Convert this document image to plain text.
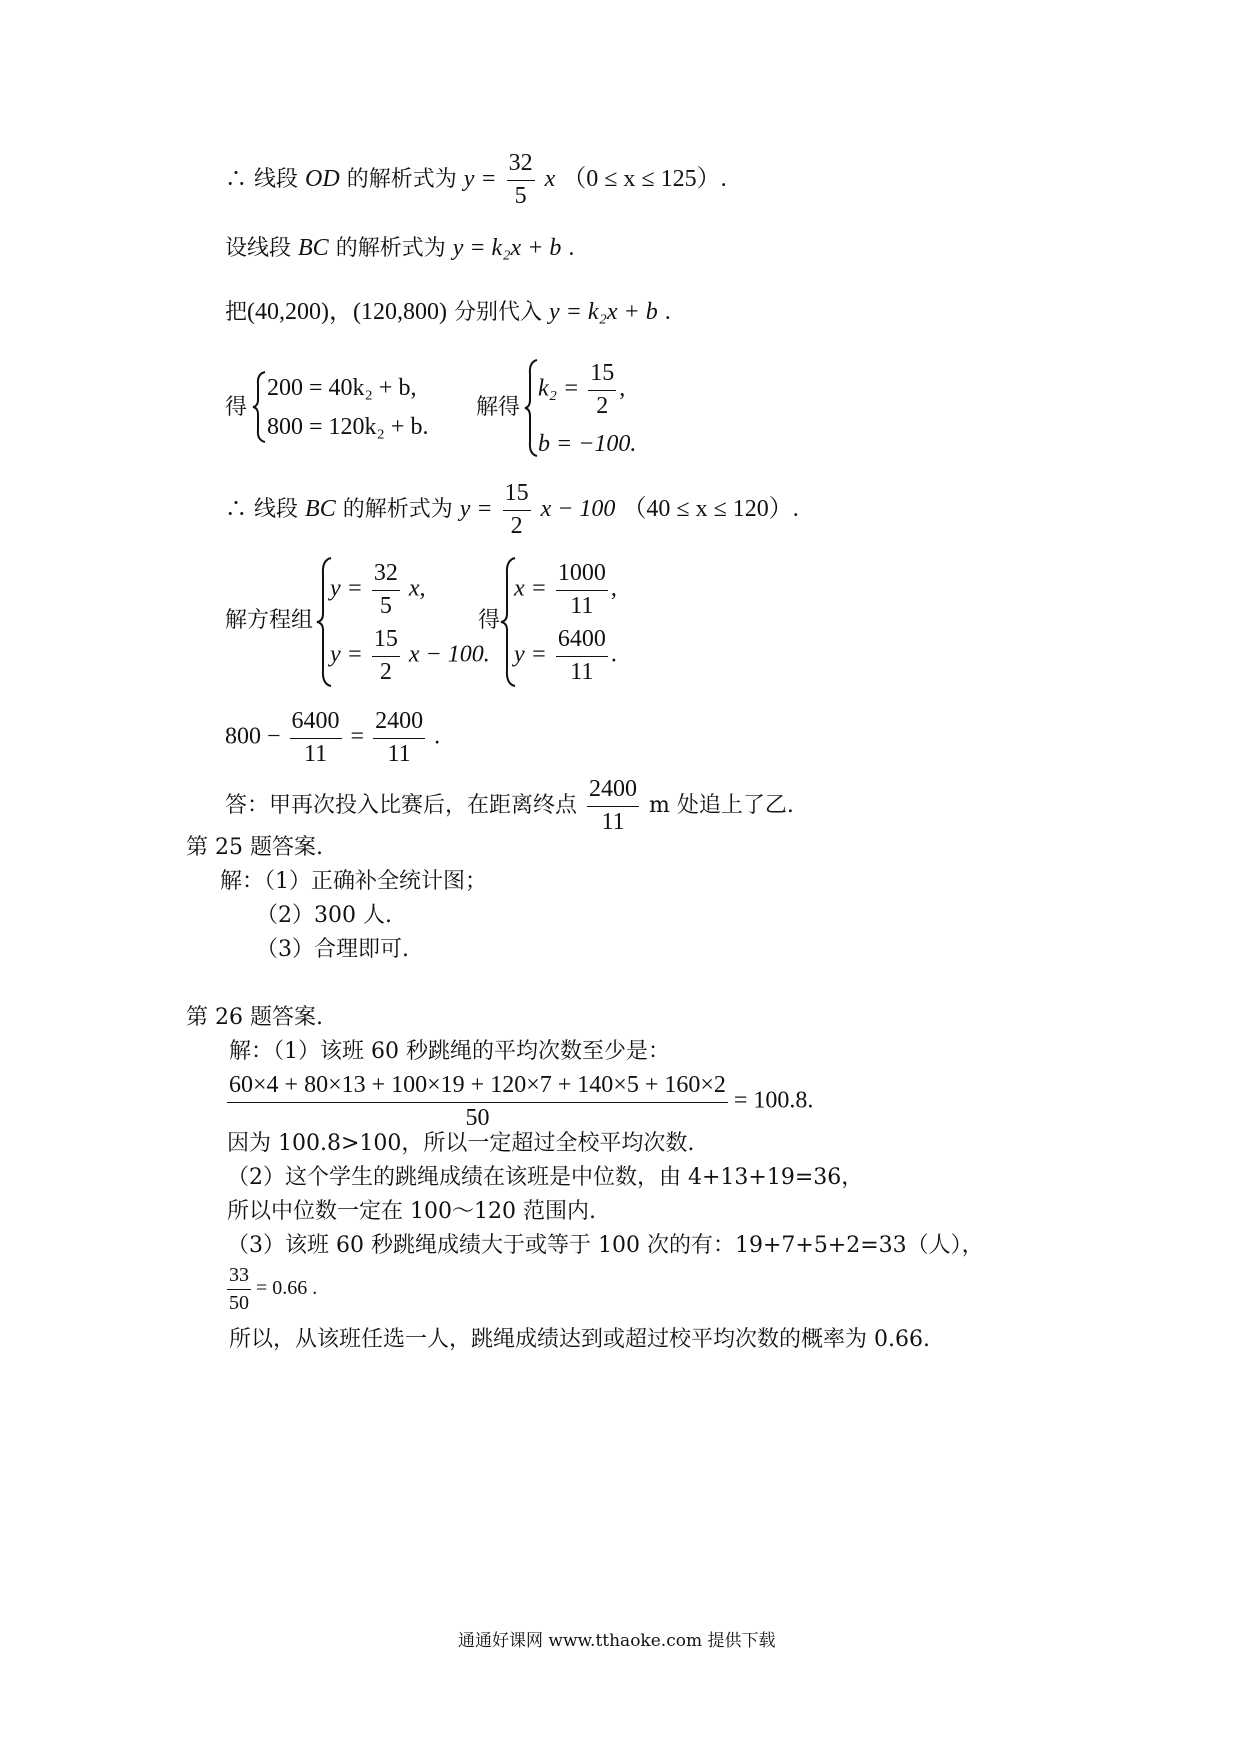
∴ 线段 OD 的解析式为 $y = \frac{32}{5}$ x （0 ≤ x ≤ 125）.
设线段 BC 的解析式为 y = k₂x + b .
把(40,200)，(120,800) 分别代入 y = k₂x + b .
得
200 = 40k₂ + b,
800 = 120k₂ + b.
解得
$k_2 = \frac{15}{2}$ ,
b = −100.
∴ 线段 BC 的解析式为 $y = \frac{15}{2}$ x − 100 （40 ≤ x ≤ 120）.
解方程组
$y = \frac{32}{5} x$,
$y = \frac{15}{2}$ x − 100.
得
$x = \frac{1000}{11}$ ,
$y = \frac{6400}{11}$ .
$800 - \frac{6400}{11} = \frac{2400}{11}$ .
答：甲再次投入比赛后，在距离终点 $\frac{2400}{11}$ m 处追上了乙.
第 25 题答案.
解：（1）正确补全统计图；
（2）300 人.
（3）合理即可.
第 26 题答案.
解：（1）该班 60 秒跳绳的平均次数至少是：
$\frac{60\times 4 + 80\times 13 + 100\times 19 + 120\times 7 + 140\times 5 + 160\times 2}{50} = 100.8$.
因为 100.8>100，所以一定超过全校平均次数.
（2）这个学生的跳绳成绩在该班是中位数，由 4+13+19=36，
所以中位数一定在 100～120 范围内.
（3）该班 60 秒跳绳成绩大于或等于 100 次的有：19+7+5+2=33（人），
$\frac{33}{50} = 0.66$ .
所以，从该班任选一人，跳绳成绩达到或超过校平均次数的概率为 0.66.
通通好课网 www.tthaoke.com 提供下载
